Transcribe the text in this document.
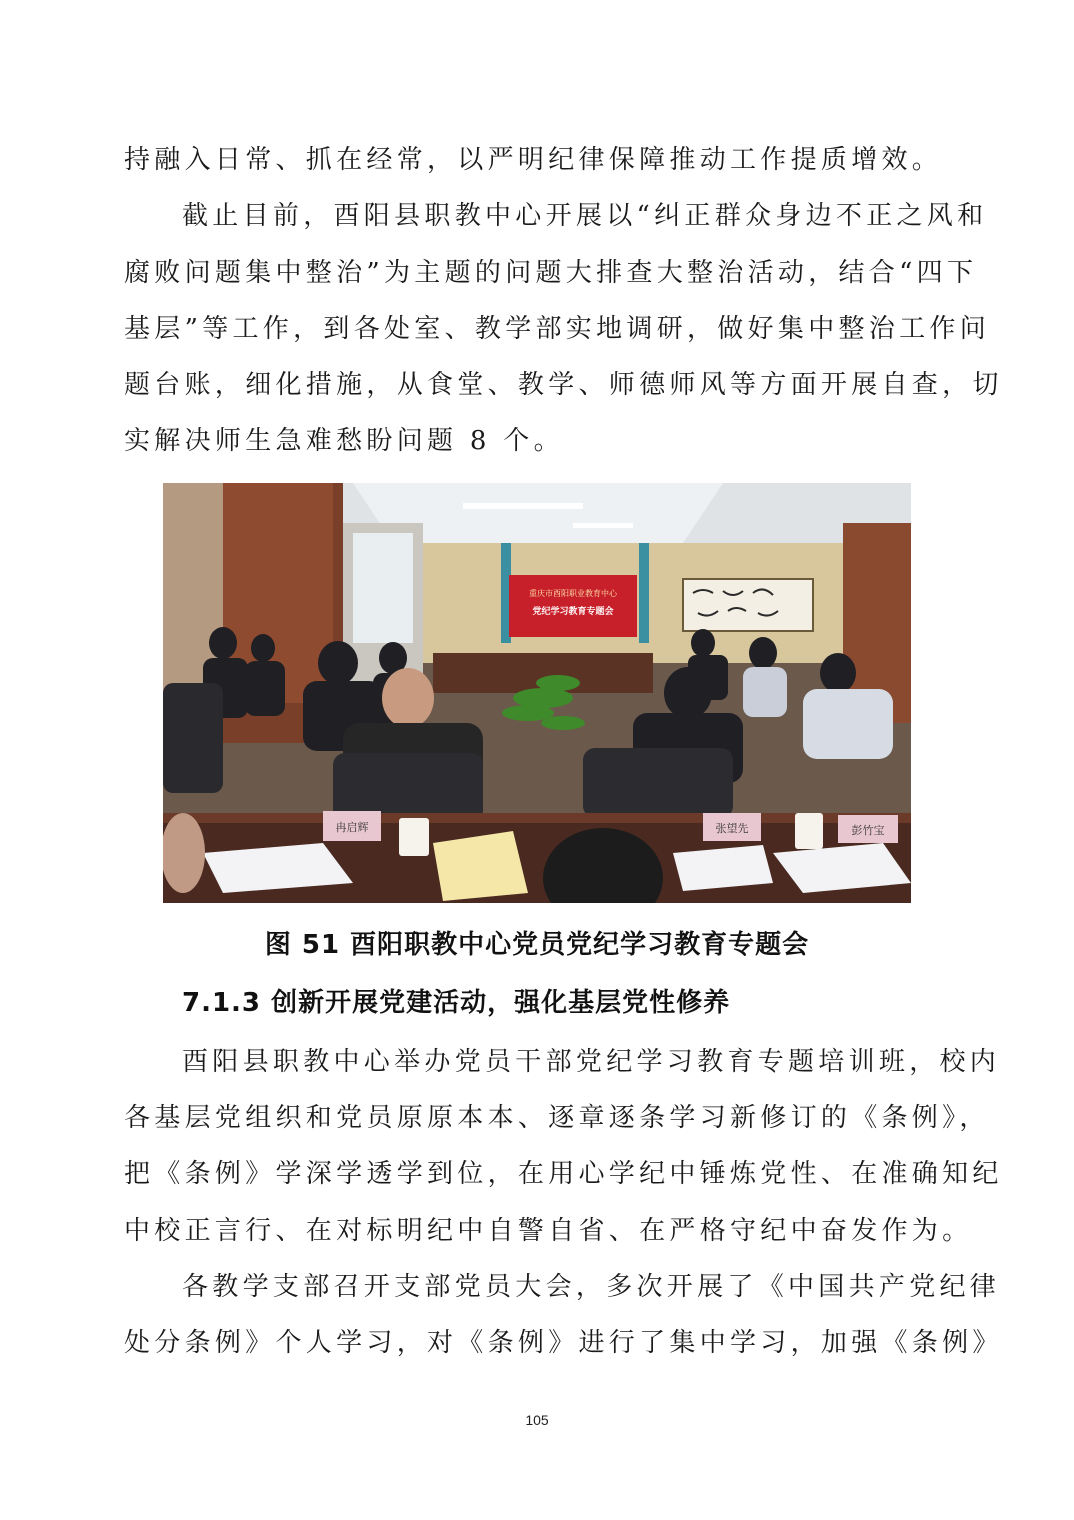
持融入日常、抓在经常，以严明纪律保障推动工作提质增效。
截止目前，酉阳县职教中心开展以“纠正群众身边不正之风和
腐败问题集中整治”为主题的问题大排查大整治活动，结合“四下
基层”等工作，到各处室、教学部实地调研，做好集中整治工作问
题台账，细化措施，从食堂、教学、师德师风等方面开展自查，切
实解决师生急难愁盼问题 8 个。
重庆市酉阳职业教育中心
党纪学习教育专题会
冉启辉	张望先	彭竹宝
图 51 酉阳职教中心党员党纪学习教育专题会
7.1.3 创新开展党建活动，强化基层党性修养
酉阳县职教中心举办党员干部党纪学习教育专题培训班，校内
各基层党组织和党员原原本本、逐章逐条学习新修订的《条例》，
把《条例》学深学透学到位，在用心学纪中锤炼党性、在准确知纪
中校正言行、在对标明纪中自警自省、在严格守纪中奋发作为。
各教学支部召开支部党员大会，多次开展了《中国共产党纪律
处分条例》个人学习，对《条例》进行了集中学习，加强《条例》
105
